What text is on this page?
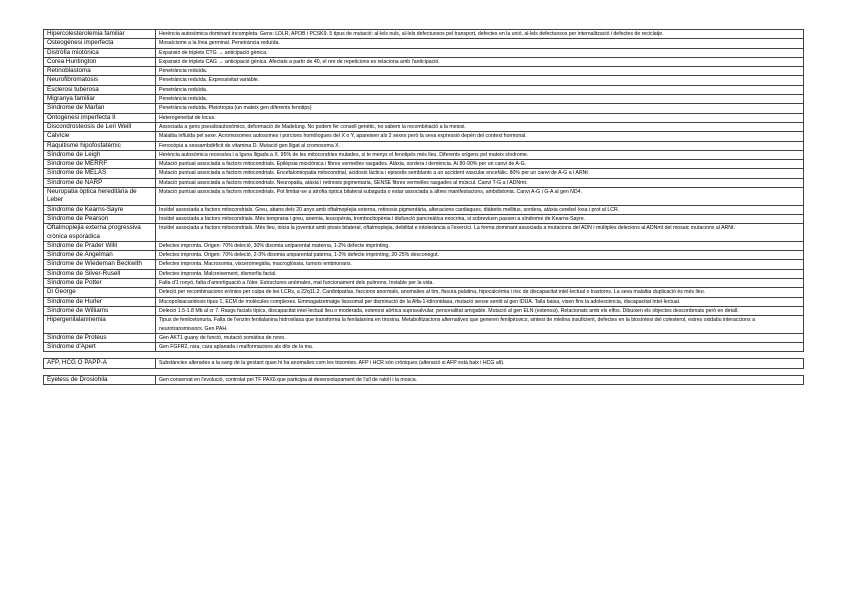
Hipercolesterolemia familiar	Herència autosòmica dominant incompleta. Gens: LDLR, APOB i PCSK9. 5 tipus de mutació: al-lels nuls, al-lels defectuosos pel transport, defectes en la unió, al-lels defectuosos per internalització i defectes de reciclatje.
Osteogènesi imperfecta	Mosaïcisme a la línia germinal. Penetrància reduïda.
Distròfia miotònica	Expansió de triplets CTG → anticipació gènica.
Corea Huntington	Expansió de triplets CAG → anticipació gènica. Afectats a partir de 40, el nre de repeticions es relaciona amb l'anticipació.
Retinoblastoma	Penetrància reduïda.
Neurofibromatosis	Penetrància reduïda. Expressivitat variable.
Esclerosi tuberosa	Penetrància reduïda.
Migranya familiar	Penetrància reduïda.
Síndrome de Marfan	Penetrància reduïda. Pleiotropia (un mateix gen diferents fenotips)
Ontogènesi imperfecta II	Heterogeneïtat de locus.
Discondrosteosis de Leri Weill	Associada a gens pseudoautosòmics, deformació de Madelung. No podem fer consell genètic, no sabem la recombinació a la meiosi.
Calvície	Malaltia influïda pel sexe. Acromosomes autosomes i porcions homòlogues del X o Y, apareixen als 2 sexes però la seva expressió depèn del context hormonal.
Raquitisme hipofosfatèmic	Fenocòpia a sessambdèficit de vitamina D. Mutació gen lligat al cromosoma X.
Síndrome de Leigh	Herència autosòmica recessiva i a lguna lligada a X. 95% de les mitocondries mutades, si te menys el fenotipés més lleu. Diferents orígens pel mateix síndrome.
Síndrome de MERRF	Mutació puntual associada a factors mitocondrials. Epilèpsia mioclònica i fibres vermelles rasgades. Atàxia, sordera i demència. Al 80-90% per un canvi de A-G.
Síndrome de MELAS	Mutació puntual associada a factors mitocondrials. Encefalomiopatia mitocondrial, acidosis làctica i episodis semblants a un accident vascular encefàlic. 80% per un canvi de A-G a l ARNt
Síndrome de NARP	Mutació puntual associada a factors mitocondrials. Neuropatia, atàxia i retinosis pigmentaria, SENSE fibres vermelles rasgades al múscul. Canvi T-G a l ADNmt.
Neuropatia òptica hereditària de Leber	Mutació puntual associada a factors mitocondrials. Pot limitar-se a atrofia òptica bilateral subaguda o estar associada a altres manifestacions, ambdistonia. Canvi A-G i G-A al gen ND4.
Síndrome de Kearns-Sayre	Ins/del associada a factors mitocondrials. Greu, abans dels 20 anys amb oftalmoplejia externa, retinosis pigmentària, alteracions cardiaques, diàbetis mellitus, sordera, atàxia cerebel·losa i prot al LCR.
Síndrome de Pearson	Ins/del associada a factors mitocondrials. Més temprana i greu, anemia, leucopènia, trombocitopènia i disfunció pancreàtica exocrina, si sobreviuen passen a síndrome de Kearns-Sayre.
Oftalmoplejia externa progressiva crònica esporàdica	Ins/del associada a factors mitocondrials. Més lleu, inicia la joventut amb ptosis bilateral, oftalmoplejia, debilitat e intolerància a l'exercici. La forma dominant associada a mutacions del ADN i múltiples delecions al ADNmt del mosaic mutacions al ARNt.
Síndrome de Prader Willi	Defectes impronta. Origen: 70% deleció, 30% disomia uniparental materna, 1-2% defecte imprinting.
Síndrome de Angelman	Defectes impronta. Origen: 70% deleció, 2-3% disomia uniparental paterna, 1-2% defecte imprinting, 20-25% desconegut.
Síndrome de Wiedeman Beckwith	Defectes impronta. Macrosomia, visceromegàlia, macroglòssia, tumors embrionaris.
Síndrome de Silver-Rusell	Defectes impronta. Malcreixement, dismorfia facial.
Síndrome de Potter	Falta d'1 ronyó, falta d'amortiguació a l'úter. Estructures anòmales, mal funcionament dels pulmons. Inviable per la vida.
Di George	Deleció per recombinacions erònies per culpa de les LCRs, a 22q11.2. Cardiotpatías, faccions anormals, anomalies al tim, fissura palatina, hipocalcèmia i risc de discapacitat intel·lectual o trastorns. La seva malaltia duplicació és més lleu.
Síndrome de Hurler	Mucopolisacaridosis tipus 1, ECM de molècules complexes. Emmagatzematge lisosomal per disminució de la Alfa-1-idironidasa, mutació sense sentit al gen IDUA. Talla baixa, visen fins la adolescència, discapacitat intel·lectual.
Síndrome de Williams	Deleció 1.5-1.8 Mb al cr 7. Rasgs facials típics, discapacitat intel·lectual lleu o moderada, estenosi aòrtica supravalvular, personalitat amigable. Mutació al gen ELN (estenosi). Relacionats amb els elfos. Dibuixen els objectes descordenats però en detall.
Hipergenilalaninemia	Tipus de fenilcetonuria. Falta de l'enzim fenilalanina hidroxilasa que transforma la fenilalanina en tirosina. Metabolitzacions alternatives que generen fenilpiruvics, sintesi de mielina insuficient, defectes en la biosíntesi del colesterol, estres oxidatiu interaccions a neurotransmissors. Gen PAH.
Síndrome de Proteus	Gen AKT1 guany de funció, mutació somàtica de novo.
Síndrome d'Apert	Gen FGFR2, rara, cara aplanada i malformacions als dits de la ma.

AFP, HCG O PAPP-A	Substàncies alterades a la sang de la gestant quan hi ha anomalies com les trisomies. AFP i HCR són cròniques (alteració si AFP està baix i HCG alt).

Eyeless de Drosiohila	Gen conservat en l'evolució, controlat pel TF PAX6 que participa al desenvolupament de l'ull de ratolí i la mosca.
